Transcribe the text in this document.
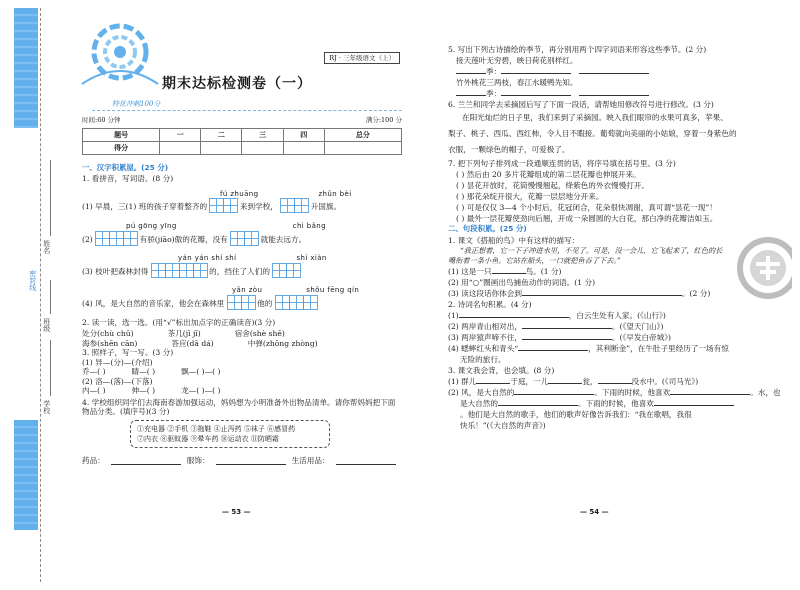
姓名
班级
密封线
学校
RJ · 三年级语文（上）
期末达标检测卷（一）
特优冲刺100分
时间:60 分钟	满分:100 分
题号	一	二	三	四	总分
得分					
一、汉字积累屋。(25 分)
1. 看拼音，写词语。(8 分)
fú zhuāng	zhǔn bèi
(1) 早晨，三(1) 班的孩子穿着整齐的	来到学校，	升国旗。
pú gōng yīng	chì bǎng
(2)	有骄(jiāo)傲的花瓣，没有	就能去远方。
yán yán shí shí	shí xiàn
(3) 枝叶把森林封得	的，挡住了人们的
yǎn zòu	shǒu fēng qín
(4) 风，是大自然的音乐家，他会在森林里	他的
2. 读一读，选一选。(用“√”标出加点字的正确读音)(3 分)
处分(chù chǔ)	茶几(jī jǐ)	宿舍(shè shě)
海参(shēn cān)	答应(dā dá)	中弹(zhōng zhòng)
3. 照样子，写一写。(3 分)
(1) 异—(分)—(介绍)
乔—( )	睛—( )	飘—( )—( )
(2) 洛—(落)—(下落)
内—( )	伸—( )	龙—( )—( )
4. 学校组织同学们去海南春游加强运动，妈妈想为小明准备外出物品清单。请你帮妈妈把下面物品分类。(填序号)(3 分)
①充电器 ②手机 ③拖鞋 ④止泻药 ⑤袜子 ⑥感冒药
⑦内衣 ⑧驱蚊器 ⑨晕车药 ⑩运动衣 ⑪防晒霜
药品：	服饰：	生活用品：
— 53 —
5. 写出下列古诗描绘的季节，再分别用两个四字词语来形容这些季节。(2 分)
接天莲叶无穷碧，映日荷花别样红。
季：　
竹外桃花三两枝，春江水暖鸭先知。
季：　
6. 兰兰和同学去采摘园后写了下面一段话，请帮她用修改符号进行修改。(3 分)
在阳光灿烂的日子里，我们来到了采摘园。映入我们眼帘的水果可真多，苹果、
梨子、桃子、西瓜、西红柿，令人目不暇接。葡萄就向美丽的小姑娘，穿着一身紫色的
衣服，一颗绿色的帽子，可爱极了。
7. 把下列句子排列成一段通顺连贯的话，将序号填在括号里。(3 分)
( ) 然后由 20 多片花瓣组成的第二层花瓣也伸展开来。
( ) 昙花开放时，花筒慢慢翘起，绛紫色的外衣慢慢打开。
( ) 那花朵绽开很大，花瓣一层层地分开来。
( ) 可是仅仅 3—4 个小时后，花冠闭合，花朵很快凋谢，真可谓“昙花一现”！
( ) 最外一层花瓣使劲向后翘，开成一朵圆圆的大白花，那白净的花瓣洁如玉。
二、句段积累。(25 分)
1. 课文《搭船的鸟》中有这样的描写：
“我正想着，它一下子冲进水里，不见了。可是，没一会儿，它飞起来了，红色的长
嘴衔着一条小鱼。它站在船头，一口就把鱼吞了下去。”
(1) 这是一只	鸟。(1 分)
(2) 用“○”圈画出鸟捕鱼动作的词语。(1 分)
(3) 读这段话你体会到	。(2 分)
2. 诗词名句积累。(4 分)
(1)	，白云生处有人家。(《山行》)
(2) 两岸青山相对出，	。(《望天门山》)
(3) 两岸猿声啼不住，	。(《早发白帝城》)
(4) 蟋蟀红头和青头“	，其利断金”，在牛肚子里经历了一场有惊
无险的旅行。
3. 课文我会背，也会填。(8 分)
(1) 群儿	于庭，一儿	瓮，	没水中。(《司马光》)
(2) 风，是大自然的	。下雨的时候，他喜欢	。水，也
是大自然的	。下雨的时候，他喜欢
。他们是大自然的歌手，他们的歌声好像告诉我们：“我在歌唱，我很
快乐！”(《大自然的声音》)
— 54 —
